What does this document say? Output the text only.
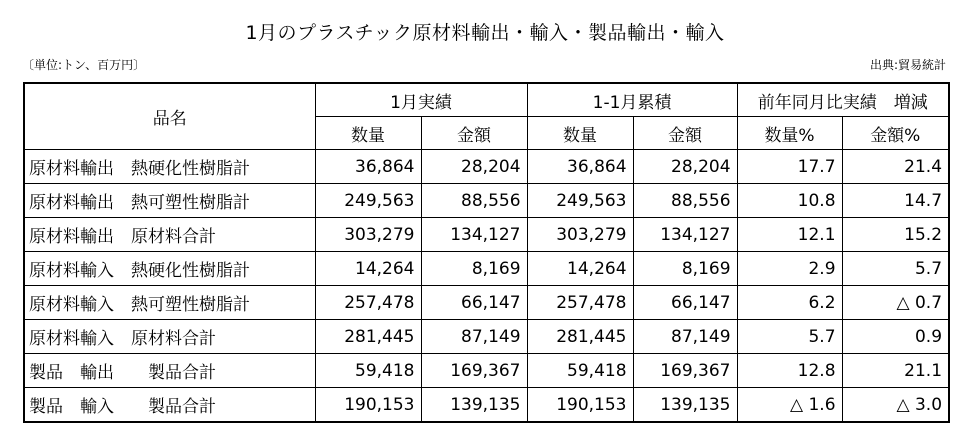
1月のプラスチック原材料輸出・輸入・製品輸出・輸入
〔単位:トン、百万円〕	出典:貿易統計
品名	1月実績		1-1月累積		前年同月比実績　増減	
	数量	金額	数量	金額	数量%	金額%
原材料輸出　熱硬化性樹脂計	36,864	28,204	36,864	28,204	17.7	21.4
原材料輸出　熱可塑性樹脂計	249,563	88,556	249,563	88,556	10.8	14.7
原材料輸出　原材料合計	303,279	134,127	303,279	134,127	12.1	15.2
原材料輸入　熱硬化性樹脂計	14,264	8,169	14,264	8,169	2.9	5.7
原材料輸入　熱可塑性樹脂計	257,478	66,147	257,478	66,147	6.2	△ 0.7
原材料輸入　原材料合計	281,445	87,149	281,445	87,149	5.7	0.9
製品　輸出　　製品合計	59,418	169,367	59,418	169,367	12.8	21.1
製品　輸入　　製品合計	190,153	139,135	190,153	139,135	△ 1.6	△ 3.0
